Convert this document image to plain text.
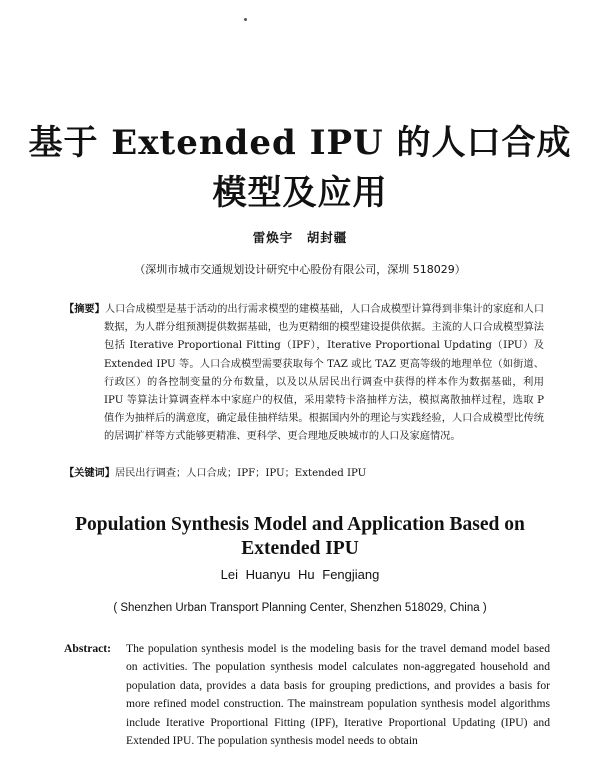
基于 Extended IPU 的人口合成
模型及应用
雷焕宇　胡封疆
（深圳市城市交通规划设计研究中心股份有限公司，深圳 518029）
【摘要】人口合成模型是基于活动的出行需求模型的建模基础，人口合成模型计算得到非集计的家庭和人口数据，为人群分组预测提供数据基础，也为更精细的模型建设提供依据。主流的人口合成模型算法包括 Iterative Proportional Fitting（IPF），Iterative Proportional Updating（IPU）及 Extended IPU 等。人口合成模型需要获取每个 TAZ 或比 TAZ 更高等级的地理单位（如街道、行政区）的各控制变量的分布数量，以及以从居民出行调查中获得的样本作为数据基础，利用 IPU 等算法计算调查样本中家庭户的权值，采用蒙特卡洛抽样方法，模拟离散抽样过程，选取 P 值作为抽样后的满意度，确定最佳抽样结果。根据国内外的理论与实践经验，人口合成模型比传统的居调扩样等方式能够更精准、更科学、更合理地反映城市的人口及家庭情况。
【关键词】居民出行调查；人口合成；IPF；IPU；Extended IPU
Population Synthesis Model and Application Based on
Extended IPU
Lei Huanyu Hu Fengjiang
( Shenzhen Urban Transport Planning Center, Shenzhen 518029, China )
Abstract:	The population synthesis model is the modeling basis for the travel demand model based on activities. The population synthesis model calculates non-aggregated household and population data, provides a data basis for grouping predictions, and provides a basis for more refined model construction. The mainstream population synthesis model algorithms include Iterative Proportional Fitting (IPF), Iterative Proportional Updating (IPU) and Extended IPU. The population synthesis model needs to obtain
